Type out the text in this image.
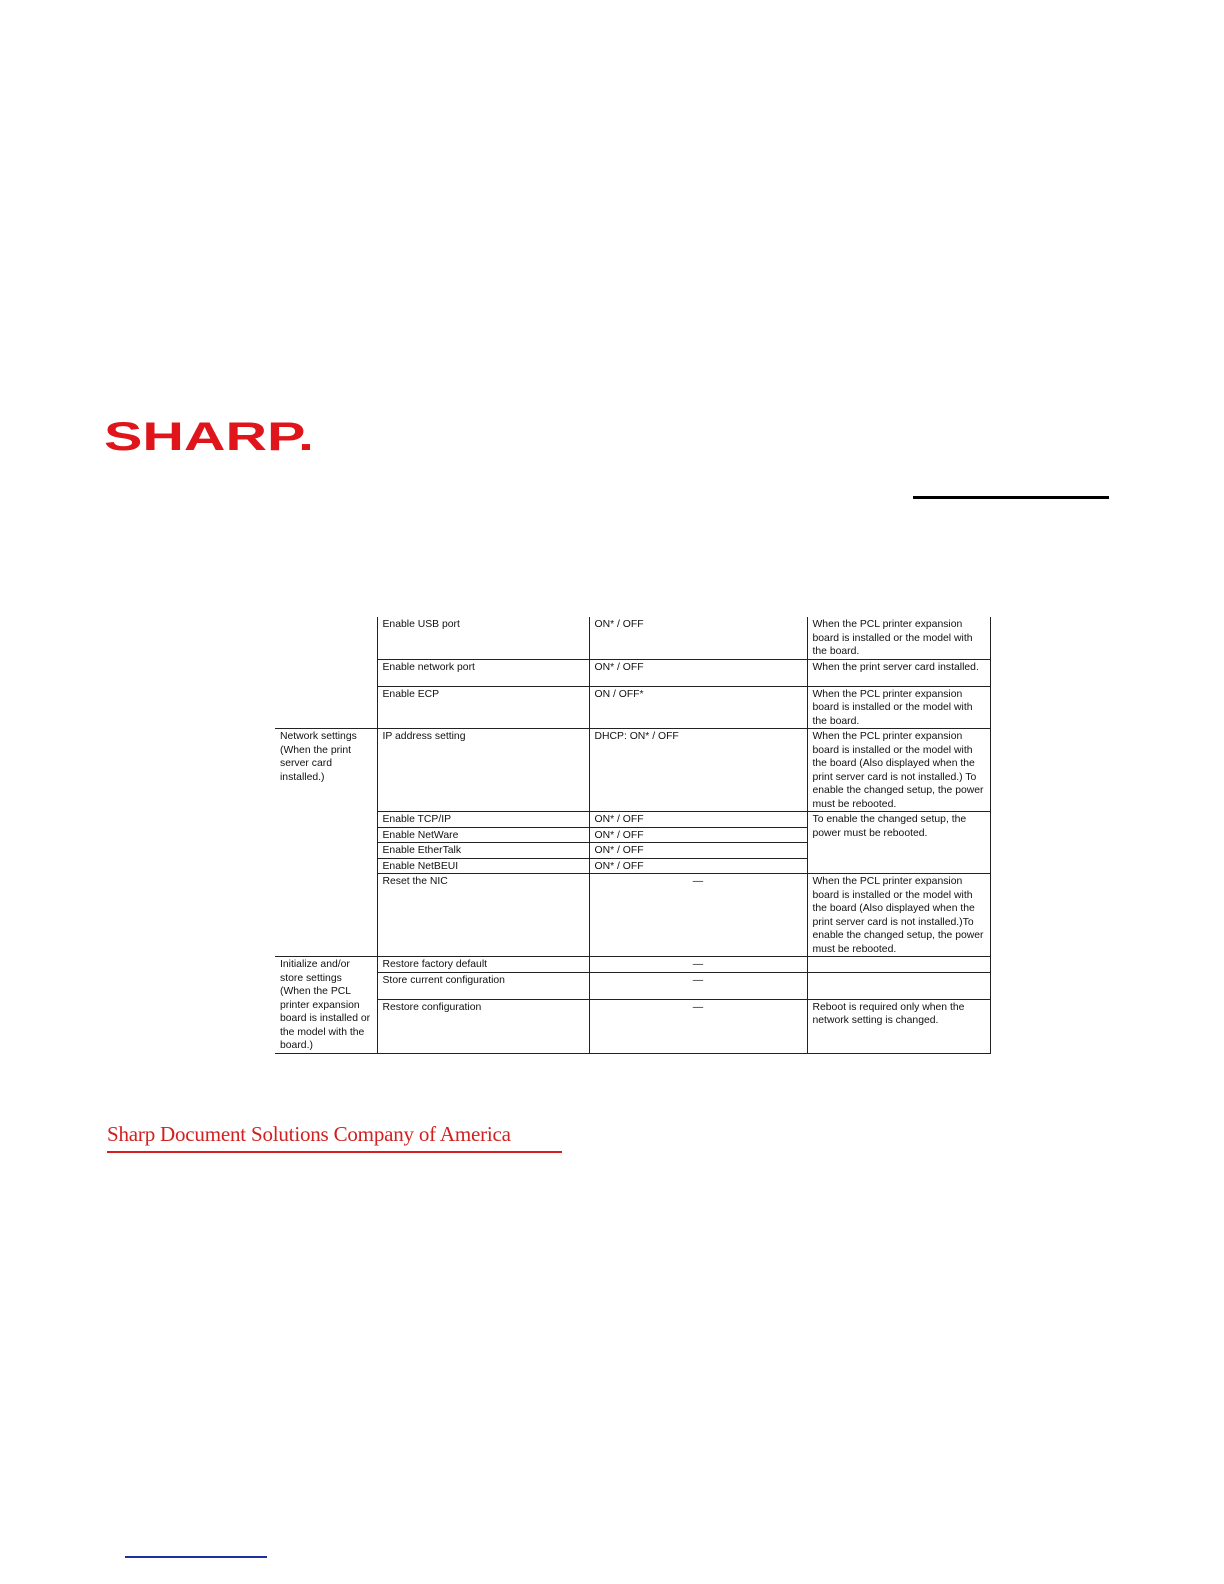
SHARP.
	Enable USB port	ON* / OFF	When the PCL printer expansion board is installed or the model with the board.
	Enable network port	ON* / OFF	When the print server card installed.
	Enable ECP	ON / OFF*	When the PCL printer expansion board is installed or the model with the board.
Network settings (When the print server card installed.)	IP address setting	DHCP: ON* / OFF	When the PCL printer expansion board is installed or the model with the board (Also displayed when the print server card is not installed.) To enable the changed setup, the power must be rebooted.
	Enable TCP/IP	ON* / OFF	To enable the changed setup, the power must be rebooted.
	Enable NetWare	ON* / OFF	
	Enable EtherTalk	ON* / OFF	
	Enable NetBEUI	ON* / OFF	
	Reset the NIC	—	When the PCL printer expansion board is installed or the model with the board (Also displayed when the print server card is not installed.)To enable the changed setup, the power must be rebooted.
Initialize and/or store settings (When the PCL printer expansion board is installed or the model with the board.)	Restore factory default	—	
	Store current configuration	—	
	Restore configuration	—	Reboot is required only when the network setting is changed.
Sharp Document Solutions Company of America
